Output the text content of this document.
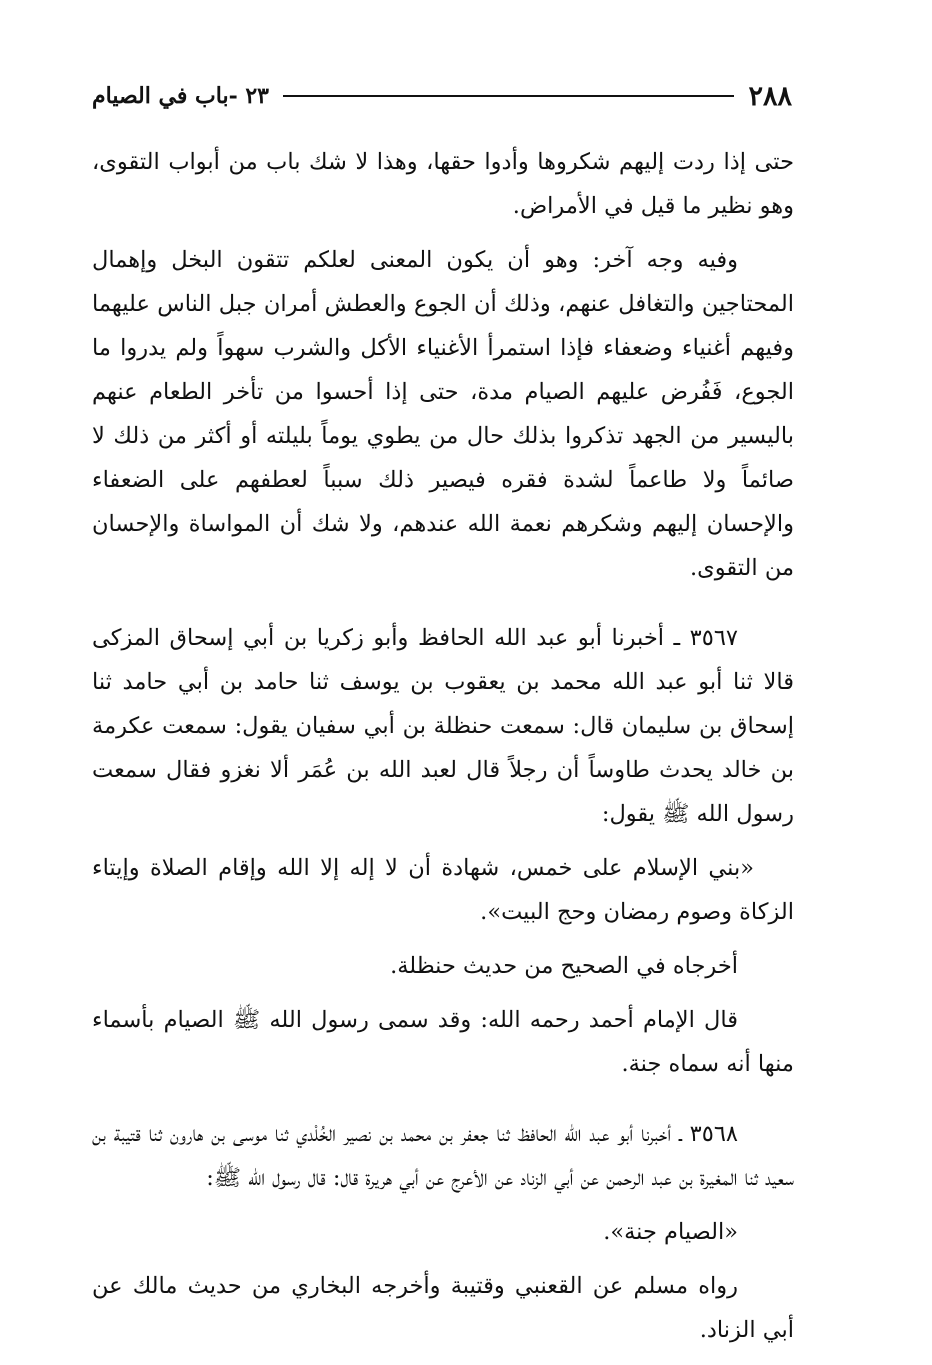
٢٨٨
٢٣ -باب في الصيام

حتى إذا ردت إليهم شكروها وأدوا حقها، وهذا لا شك باب من أبواب التقوى، وهو نظير ما قيل في الأمراض.

وفيه وجه آخر: وهو أن يكون المعنى لعلكم تتقون البخل وإهمال المحتاجين والتغافل عنهم، وذلك أن الجوع والعطش أمران جبل الناس عليهما وفيهم أغنياء وضعفاء فإذا استمرأ الأغنياء الأكل والشرب سهواً ولم يدروا ما الجوع، فَفُرض عليهم الصيام مدة، حتى إذا أحسوا من تأخر الطعام عنهم باليسير من الجهد تذكروا بذلك حال من يطوي يوماً بليلته أو أكثر من ذلك لا صائماً ولا طاعماً لشدة فقره فيصير ذلك سبباً لعطفهم على الضعفاء والإحسان إليهم وشكرهم نعمة الله عندهم، ولا شك أن المواساة والإحسان من التقوى.

٣٥٦٧ ـ أخبرنا أبو عبد الله الحافظ وأبو زكريا بن أبي إسحاق المزكى قالا ثنا أبو عبد الله محمد بن يعقوب بن يوسف ثنا حامد بن أبي حامد ثنا إسحاق بن سليمان قال: سمعت حنظلة بن أبي سفيان يقول: سمعت عكرمة بن خالد يحدث طاوساً أن رجلاً قال لعبد الله بن عُمَر ألا نغزو فقال سمعت رسول الله ﷺ يقول:

«بني الإسلام على خمس، شهادة أن لا إله إلا الله وإقام الصلاة وإيتاء الزكاة وصوم رمضان وحج البيت».

أخرجاه في الصحيح من حديث حنظلة.

قال الإمام أحمد رحمه الله: وقد سمى رسول الله ﷺ الصيام بأسماء منها أنه سماه جنة.

٣٥٦٨ ـ أخبرنا أبو عبد الله الحافظ ثنا جعفر بن محمد بن نصير الخُلْدي ثنا موسى بن هارون ثنا قتيبة بن سعيد ثنا المغيرة بن عبد الرحمن عن أبي الزناد عن الأعرج عن أبي هريرة قال: قال رسول الله ﷺ:

«الصيام جنة».

رواه مسلم عن القعنبي وقتيبة وأخرجه البخاري من حديث مالك عن أبي الزناد.
